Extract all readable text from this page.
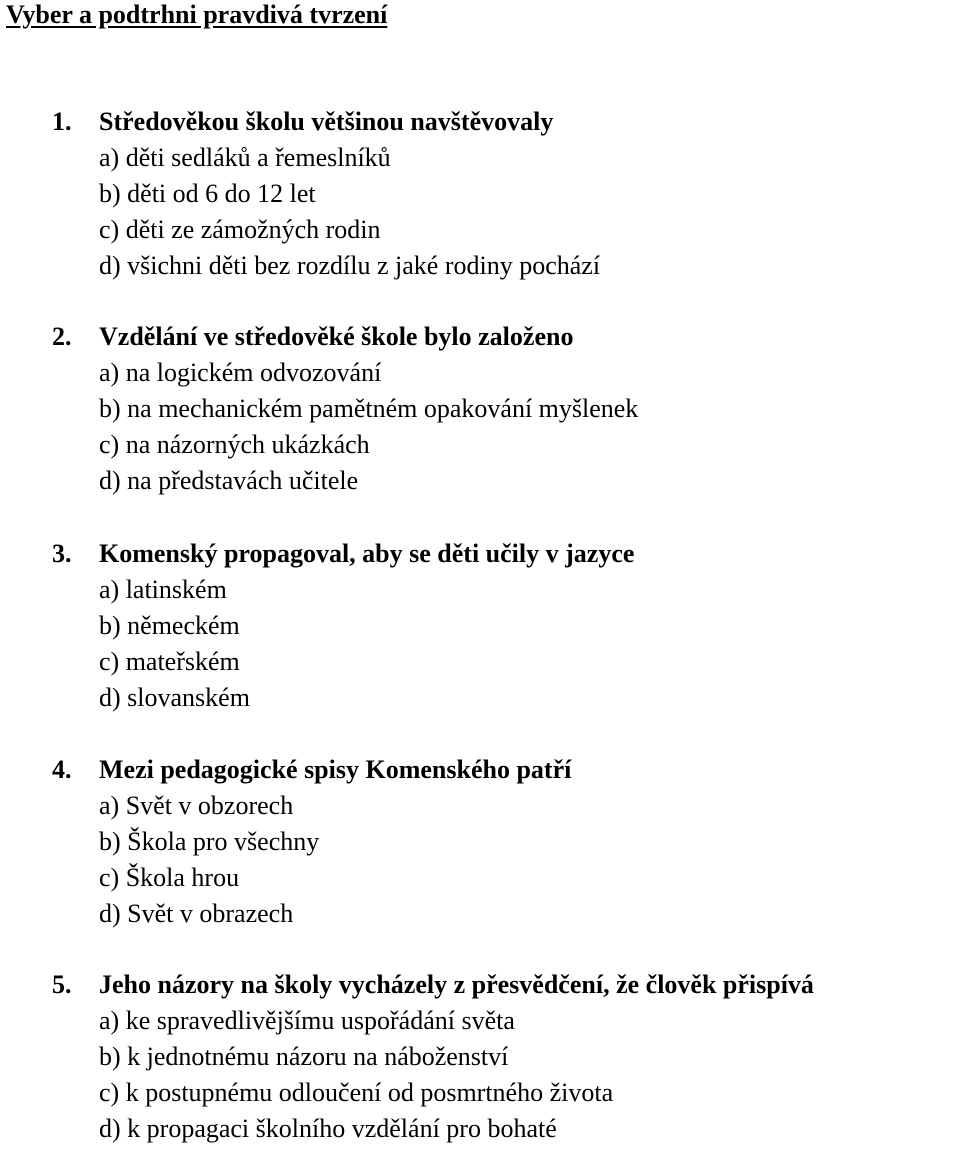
Vyber a podtrhni pravdivá tvrzení
1.	Středověkou školu většinou navštěvovaly
a) děti sedláků a řemeslníků
b) děti od 6 do 12 let
c) děti ze zámožných rodin
d) všichni děti bez rozdílu z jaké rodiny pochází
2.	Vzdělání ve středověké škole bylo založeno
a) na logickém odvozování
b) na mechanickém pamětném opakování myšlenek
c) na názorných ukázkách
d) na představách učitele
3.	Komenský propagoval, aby se děti učily v jazyce
a) latinském
b) německém
c) mateřském
d) slovanském
4.	Mezi pedagogické spisy Komenského patří
a) Svět v obzorech
b) Škola pro všechny
c) Škola hrou
d) Svět v obrazech
5.	Jeho názory na školy vycházely z přesvědčení, že člověk přispívá
a) ke spravedlivějšímu uspořádání světa
b) k jednotnému názoru na náboženství
c) k postupnému odloučení od posmrtného života
d) k propagaci školního vzdělání pro bohaté
